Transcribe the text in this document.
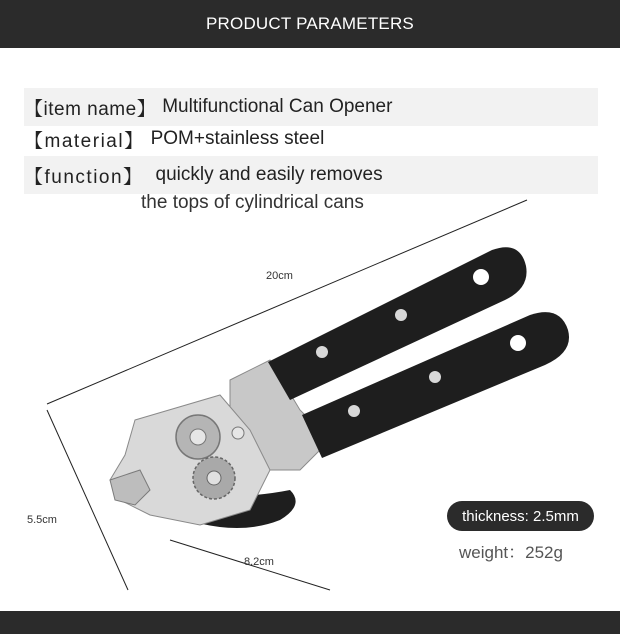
PRODUCT PARAMETERS
【item name】 Multifunctional Can Opener
【material】 POM+stainless steel
【function】 quickly and easily removes
the tops of cylindrical cans
20cm
5.5cm
8.2cm
thickness: 2.5mm
weight：252g
